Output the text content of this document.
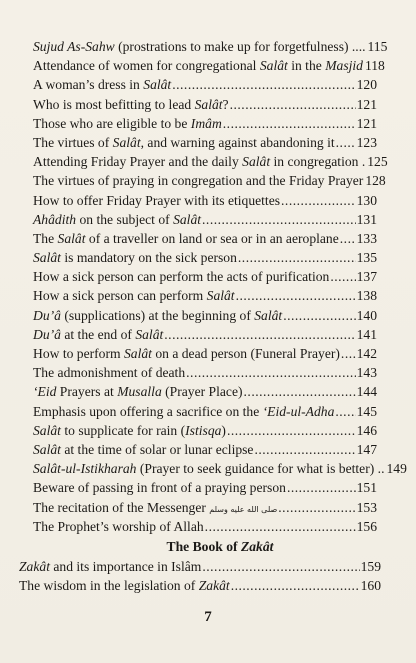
Sujud As-Sahw (prostrations to make up for forgetfulness) .... 115
Attendance of women for congregational Salât in the Masjid 118
A woman’s dress in Salât .....	120
Who is most befitting to lead Salât? .....	121
Those who are eligible to be Imâm .....	121
The virtues of Salât, and warning against abandoning it ..... 123
Attending Friday Prayer and the daily Salât in congregation . 125
The virtues of praying in congregation and the Friday Prayer 128
How to offer Friday Prayer with its etiquettes .....	130
Ahâdith on the subject of Salât .....	131
The Salât of a traveller on land or sea or in an aeroplane ..... 133
Salât is mandatory on the sick person .....	135
How a sick person can perform the acts of purification ..... 137
How a sick person can perform Salât .....	138
Du’â (supplications) at the beginning of Salât .....	140
Du’â at the end of Salât .....	141
How to perform Salât on a dead person (Funeral Prayer) ..... 142
The admonishment of death .....	143
‘Eid Prayers at Musalla (Prayer Place) .....	144
Emphasis upon offering a sacrifice on the ‘Eid-ul-Adha ..... 145
Salât to supplicate for rain (Istisqa) .....	146
Salât at the time of solar or lunar eclipse .....	147
Salât-ul-Istikharah (Prayer to seek guidance for what is better) .. 149
Beware of passing in front of a praying person .....	151
The recitation of the Messenger صلى الله عليه وسلم .....	153
The Prophet’s worship of Allah .....	156
The Book of Zakât
Zakât and its importance in Islâm .....	159
The wisdom in the legislation of Zakât .....	160
7
